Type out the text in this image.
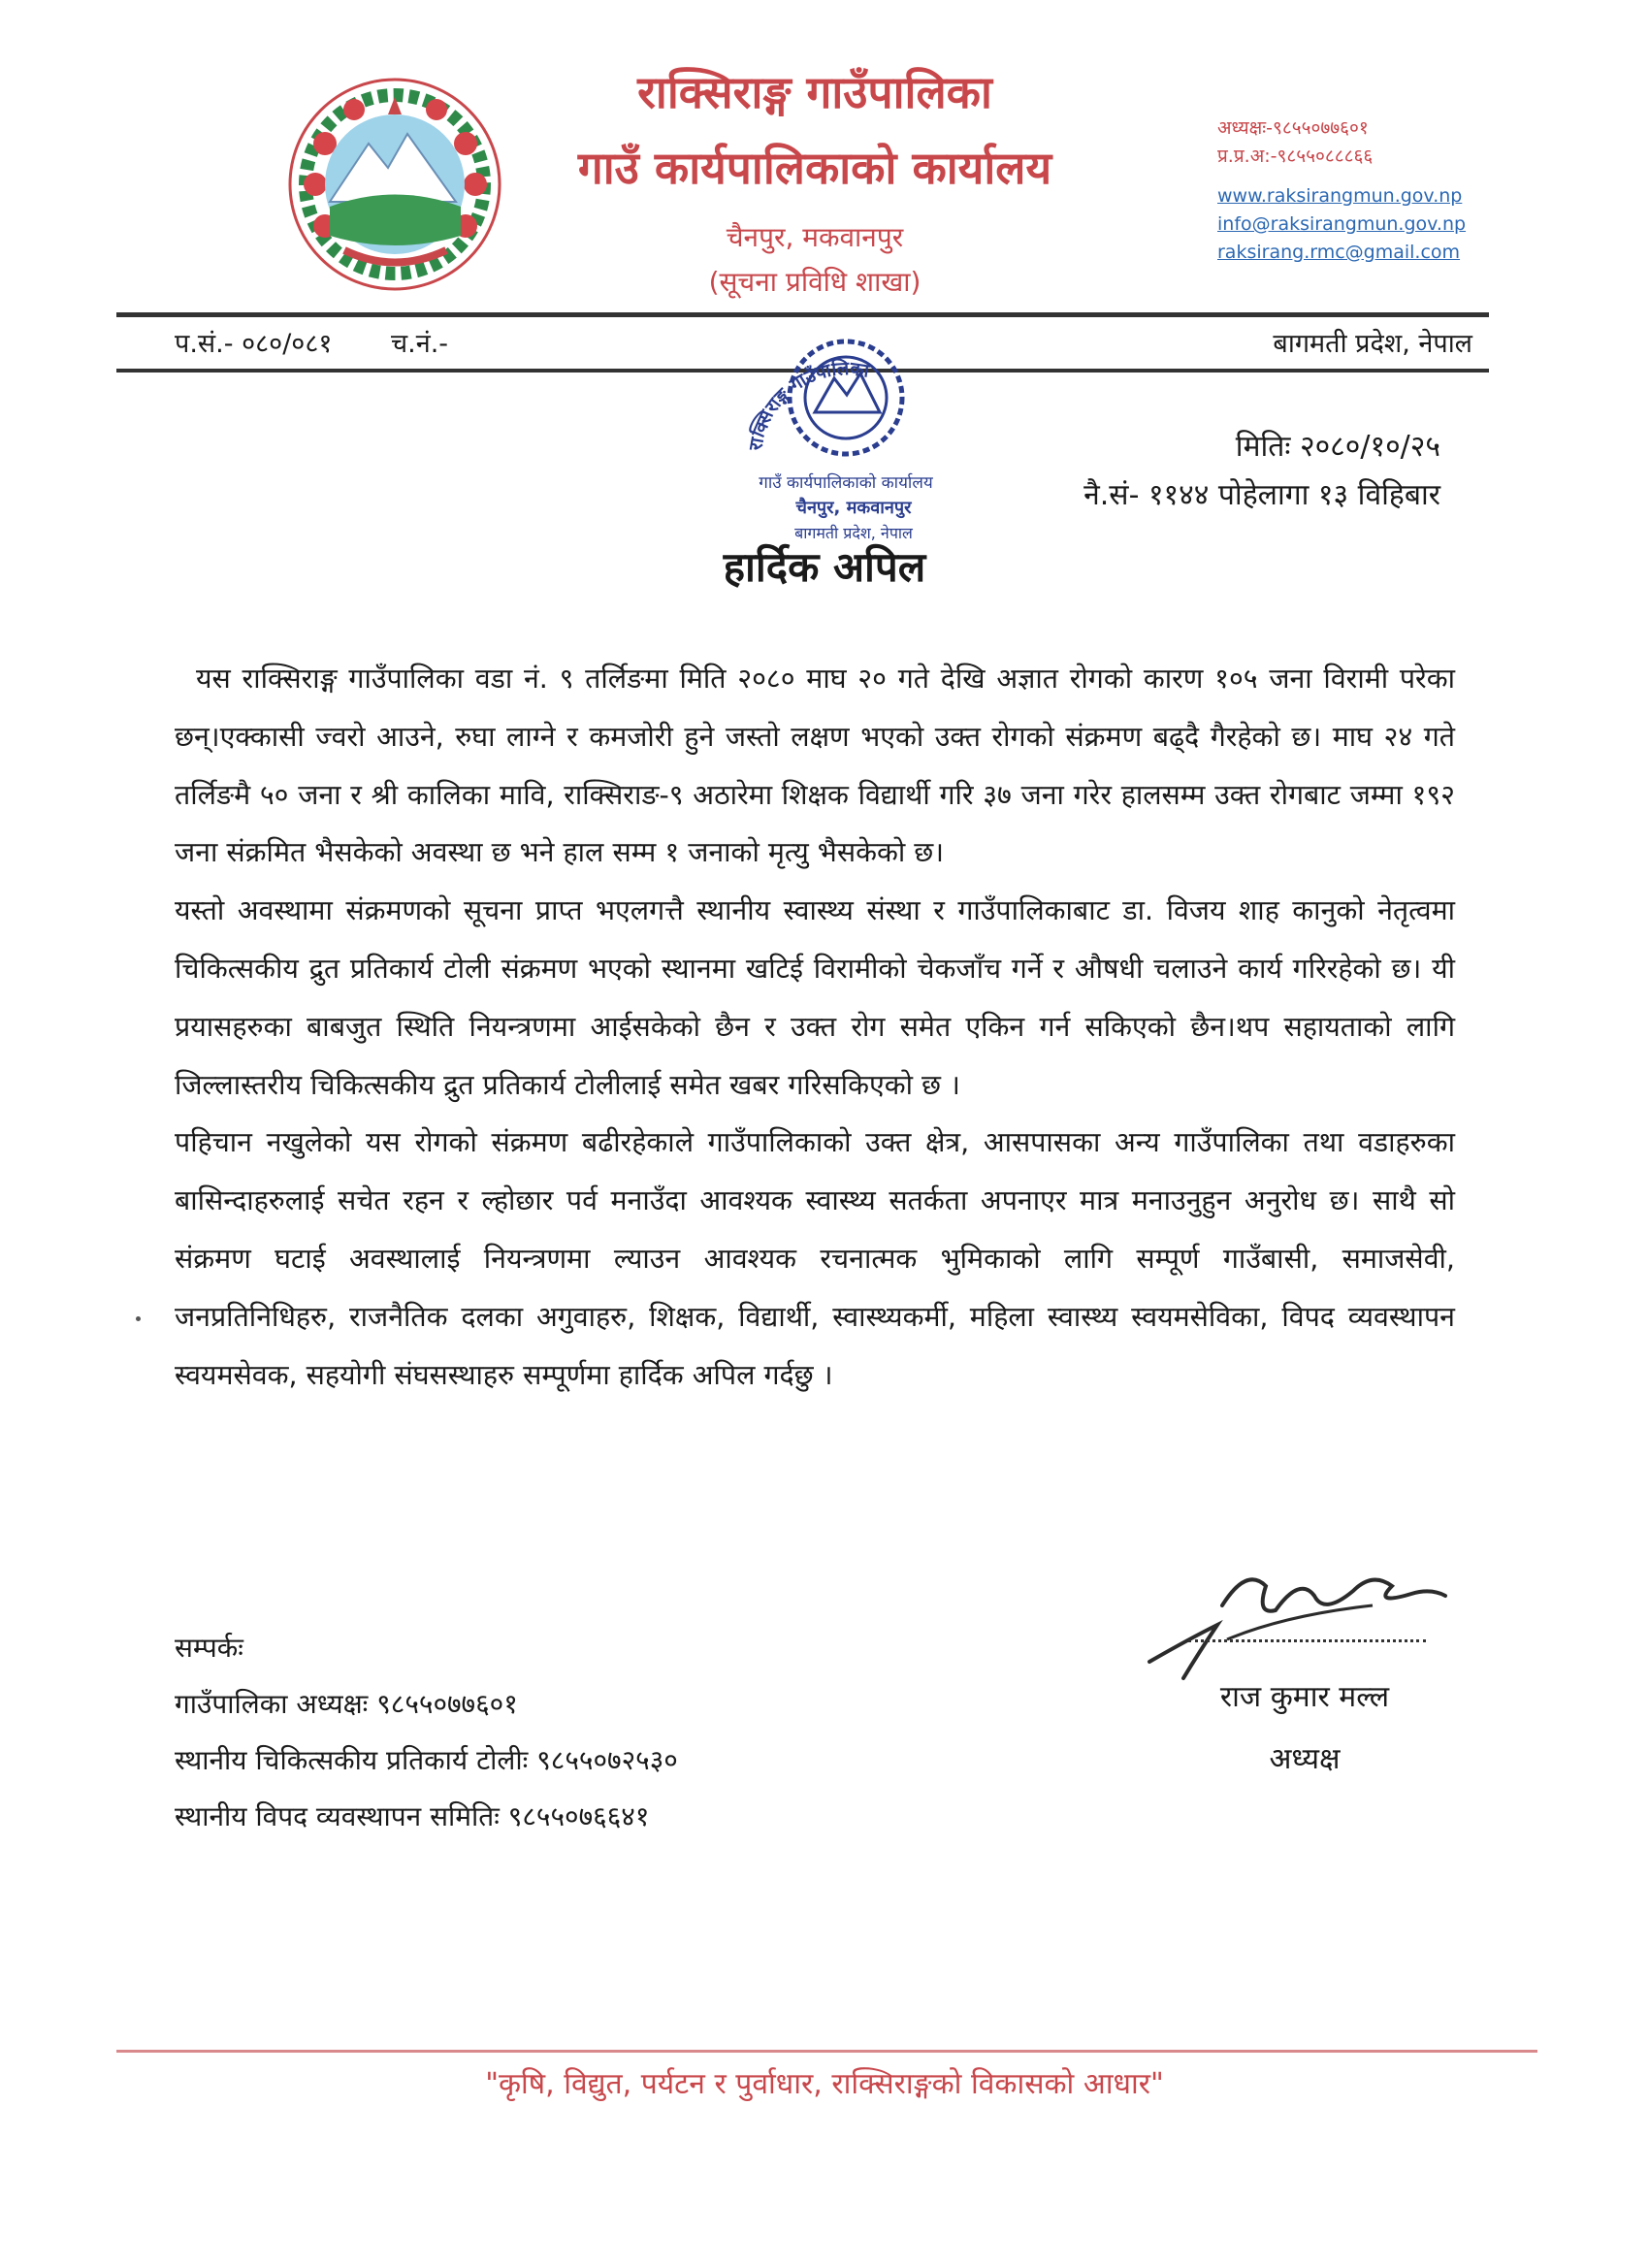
राक्सिराङ्ग गाउँपालिका
गाउँ कार्यपालिकाको कार्यालय
चैनपुर, मकवानपुर
(सूचना प्रविधि शाखा)
अध्यक्षः-९८५५०७७६०१
प्र.प्र.अ:-९८५५०८८८६६
www.raksirangmun.gov.np
info@raksirangmun.gov.np
raksirang.rmc@gmail.com
प.सं.- ०८०/०८१ च.नं.-	बागमती प्रदेश, नेपाल
राक्सिराङ्ग गाउँपालिका
गाउँ कार्यपालिकाको कार्यालय
चैनपुर, मकवानपुर
बागमती प्रदेश, नेपाल
मितिः २०८०/१०/२५
नै.सं- ११४४ पोहेलागा १३ विहिबार
हार्दिक अपिल

यस राक्सिराङ्ग गाउँपालिका वडा नं. ९ तर्लिङमा मिति २०८० माघ २० गते देखि अज्ञात रोगको कारण १०५ जना विरामी परेका छन्।एक्कासी ज्वरो आउने, रुघा लाग्ने र कमजोरी हुने जस्तो लक्षण भएको उक्त रोगको संक्रमण बढ्दै गैरहेको छ। माघ २४ गते तर्लिङमै ५० जना र श्री कालिका मावि, राक्सिराङ-९ अठारेमा शिक्षक विद्यार्थी गरि ३७ जना गरेर हालसम्म उक्त रोगबाट जम्मा १९२ जना संक्रमित भैसकेको अवस्था छ भने हाल सम्म १ जनाको मृत्यु भैसकेको छ।

यस्तो अवस्थामा संक्रमणको सूचना प्राप्त भएलगत्तै स्थानीय स्वास्थ्य संस्था र गाउँपालिकाबाट डा. विजय शाह कानुको नेतृत्वमा चिकित्सकीय द्रुत प्रतिकार्य टोली संक्रमण भएको स्थानमा खटिई विरामीको चेकजाँच गर्ने र औषधी चलाउने कार्य गरिरहेको छ। यी प्रयासहरुका बाबजुत स्थिति नियन्त्रणमा आईसकेको छैन र उक्त रोग समेत एकिन गर्न सकिएको छैन।थप सहायताको लागि जिल्लास्तरीय चिकित्सकीय द्रुत प्रतिकार्य टोलीलाई समेत खबर गरिसकिएको छ ।

पहिचान नखुलेको यस रोगको संक्रमण बढीरहेकाले गाउँपालिकाको उक्त क्षेत्र, आसपासका अन्य गाउँपालिका तथा वडाहरुका बासिन्दाहरुलाई सचेत रहन र ल्होछार पर्व मनाउँदा आवश्यक स्वास्थ्य सतर्कता अपनाएर मात्र मनाउनुहुन अनुरोध छ। साथै सो संक्रमण घटाई अवस्थालाई नियन्त्रणमा ल्याउन आवश्यक रचनात्मक भुमिकाको लागि सम्पूर्ण गाउँबासी, समाजसेवी, जनप्रतिनिधिहरु, राजनैतिक दलका अगुवाहरु, शिक्षक, विद्यार्थी, स्वास्थ्यकर्मी, महिला स्वास्थ्य स्वयमसेविका, विपद व्यवस्थापन स्वयमसेवक, सहयोगी संघसस्थाहरु सम्पूर्णमा हार्दिक अपिल गर्दछु ।

सम्पर्कः
गाउँपालिका अध्यक्षः ९८५५०७७६०१
स्थानीय चिकित्सकीय प्रतिकार्य टोलीः ९८५५०७२५३०
स्थानीय विपद व्यवस्थापन समितिः ९८५५०७६६४१
राज कुमार मल्ल
अध्यक्ष
"कृषि, विद्युत, पर्यटन र पुर्वाधार, राक्सिराङ्गको विकासको आधार"
